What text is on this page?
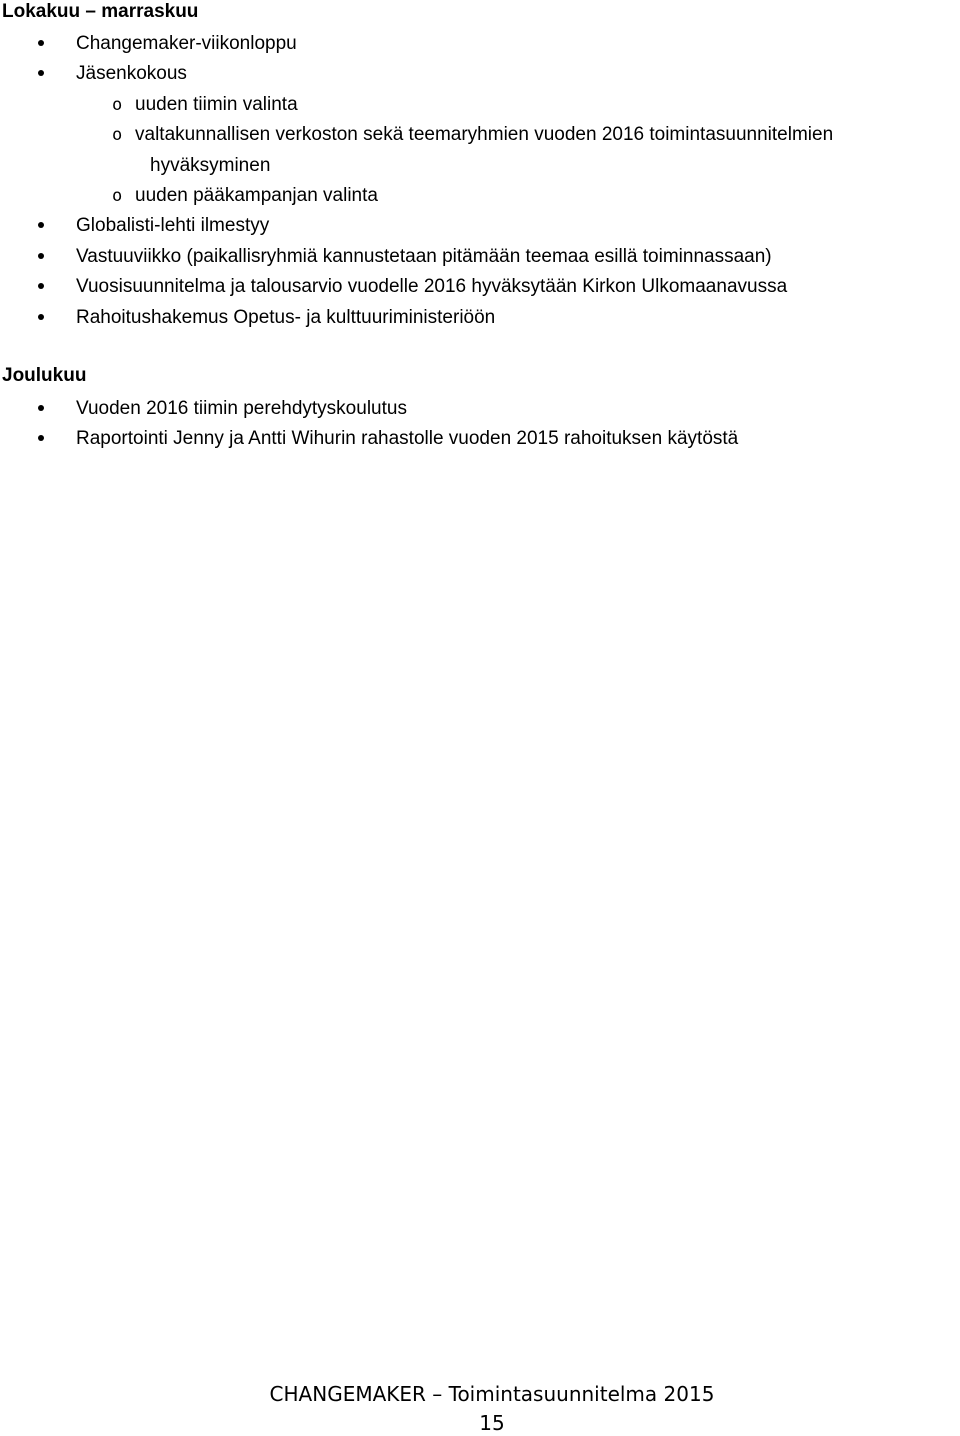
Lokakuu – marraskuu
Changemaker-viikonloppu
Jäsenkokous
o uuden tiimin valinta
o valtakunnallisen verkoston sekä teemaryhmien vuoden 2016 toimintasuunnitelmien
hyväksyminen
o uuden pääkampanjan valinta
Globalisti-lehti ilmestyy
Vastuuviikko (paikallisryhmiä kannustetaan pitämään teemaa esillä toiminnassaan)
Vuosisuunnitelma ja talousarvio vuodelle 2016 hyväksytään Kirkon Ulkomaanavussa
Rahoitushakemus Opetus- ja kulttuuriministeriöön
Joulukuu
Vuoden 2016 tiimin perehdytyskoulutus
Raportointi Jenny ja Antti Wihurin rahastolle vuoden 2015 rahoituksen käytöstä
CHANGEMAKER – Toimintasuunnitelma 2015
15
